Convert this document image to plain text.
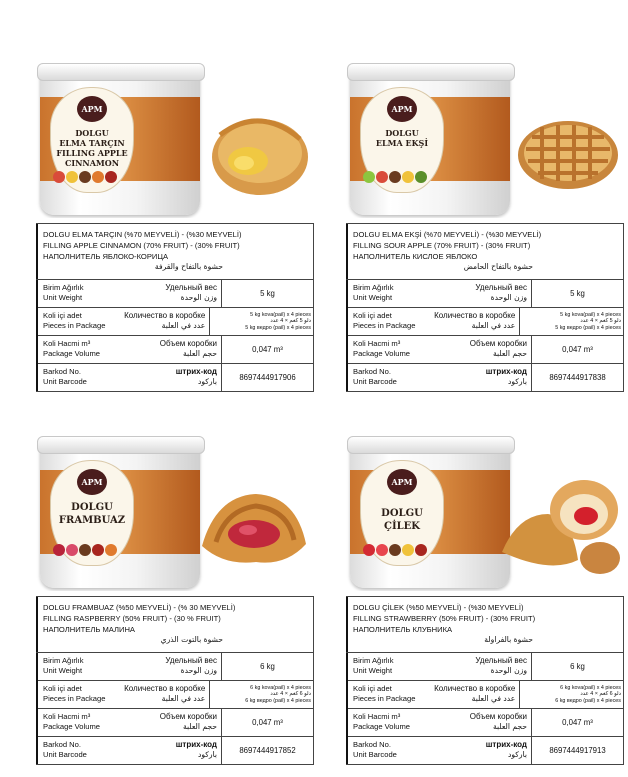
APM
DOLGU
ELMA TARÇIN
FILLING APPLE CINNAMON
DOLGU ELMA TARÇIN (%70 MEYVELİ) - (%30 MEYVELİ)
FILLING APPLE CINNAMON (70% FRUIT) - (30% FRUIT)
НАПОЛНИТЕЛЬ ЯБЛОКО-КОРИЦА
حشوة بالتفاح والقرفة
Birim Ağırlık
Unit Weight
Удельный вес
وزن الوحدة	5 kg
Koli içi adet
Pieces in Package
Количество в коробке
عدد في العلبة
5 kg kova(pail) x 4 pieces
دلو 5 كغم × 4 عدد
5 kg ведро (pail) x 4 pieces
Koli Hacmi m³
Package Volume
Объем коробки
حجم العلبة	0,047 m³
Barkod No.
Unit Barcode
штрих-код
باركود	8697444917906
APM
DOLGU
ELMA EKŞİ
DOLGU ELMA EKŞİ (%70 MEYVELİ) - (%30 MEYVELİ)
FILLING SOUR APPLE (70% FRUIT) - (30% FRUIT)
НАПОЛНИТЕЛЬ КИСЛОЕ ЯБЛОКО
حشوة بالتفاح الحامض
Birim Ağırlık
Unit Weight
Удельный вес
وزن الوحدة	5 kg
Koli içi adet
Pieces in Package
Количество в коробке
عدد في العلبة
5 kg kova(pail) x 4 pieces
دلو 5 كغم × 4 عدد
5 kg ведро (pail) x 4 pieces
Koli Hacmi m³
Package Volume
Объем коробки
حجم العلبة	0,047 m³
Barkod No.
Unit Barcode
штрих-код
باركود	8697444917838
APM
DOLGU
FRAMBUAZ
DOLGU FRAMBUAZ (%50 MEYVELİ) - (% 30 MEYVELİ)
FILLING RASPBERRY (50% FRUIT) - (30 % FRUIT)
НАПОЛНИТЕЛЬ МАЛИНА
حشوة بالتوت الذري
Birim Ağırlık
Unit Weight
Удельный вес
وزن الوحدة	6 kg
Koli içi adet
Pieces in Package
Количество в коробке
عدد في العلبة
6 kg kova(pail) x 4 pieces
دلو 6 كغم × 4 عدد
6 kg ведро (pail) x 4 pieces
Koli Hacmi m³
Package Volume
Объем коробки
حجم العلبة	0,047 m³
Barkod No.
Unit Barcode
штрих-код
باركود	8697444917852
APM
DOLGU ÇİLEK
DOLGU ÇİLEK (%50 MEYVELİ) - (%30 MEYVELİ)
FILLING STRAWBERRY (50% FRUIT) - (30% FRUIT)
НАПОЛНИТЕЛЬ КЛУБНИКА
حشوة بالفراولة
Birim Ağırlık
Unit Weight
Удельный вес
وزن الوحدة	6 kg
Koli içi adet
Pieces in Package
Количество в коробке
عدد في العلبة
6 kg kova(pail) x 4 pieces
دلو 6 كغم × 4 عدد
6 kg ведро (pail) x 4 pieces
Koli Hacmi m³
Package Volume
Объем коробки
حجم العلبة	0,047 m³
Barkod No.
Unit Barcode
штрих-код
باركود	8697444917913
